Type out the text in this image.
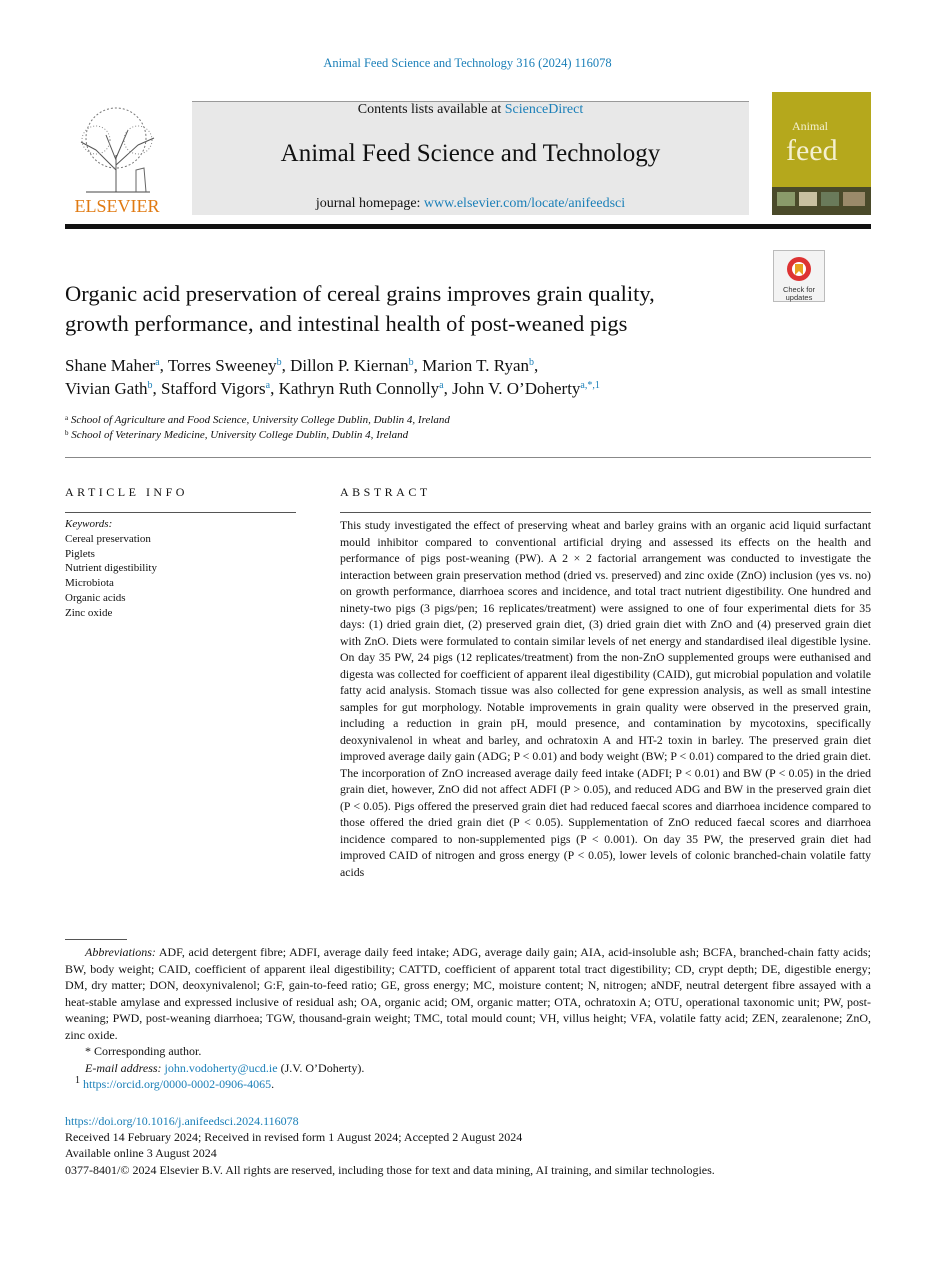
Animal Feed Science and Technology 316 (2024) 116078
ELSEVIER
Contents lists available at ScienceDirect
Animal Feed Science and Technology
journal homepage: www.elsevier.com/locate/anifeedsci
Animal
feed
Check for updates
Organic acid preservation of cereal grains improves grain quality,
growth performance, and intestinal health of post-weaned pigs
Shane Maher$^a$, Torres Sweeney$^b$, Dillon P. Kiernan$^b$, Marion T. Ryan$^b$,
Vivian Gath$^b$, Stafford Vigors$^a$, Kathryn Ruth Connolly$^a$, John V. O’Doherty$^{a,*,1}$
$^a$ School of Agriculture and Food Science, University College Dublin, Dublin 4, Ireland
$^b$ School of Veterinary Medicine, University College Dublin, Dublin 4, Ireland
ARTICLE INFO	ABSTRACT
Keywords:
Cereal preservation
Piglets
Nutrient digestibility
Microbiota
Organic acids
Zinc oxide
This study investigated the effect of preserving wheat and barley grains with an organic acid liquid surfactant mould inhibitor compared to conventional artificial drying and assessed its effects on the health and performance of pigs post-weaning (PW). A 2 × 2 factorial arrangement was conducted to investigate the interaction between grain preservation method (dried vs. preserved) and zinc oxide (ZnO) inclusion (yes vs. no) on growth performance, diarrhoea scores and incidence, and total tract nutrient digestibility. One hundred and ninety-two pigs (3 pigs/pen; 16 replicates/treatment) were assigned to one of four experimental diets for 35 days: (1) dried grain diet, (2) preserved grain diet, (3) dried grain diet with ZnO and (4) preserved grain diet with ZnO. Diets were formulated to contain similar levels of net energy and standardised ileal digestible lysine. On day 35 PW, 24 pigs (12 replicates/treatment) from the non-ZnO supplemented groups were euthanised and digesta was collected for coefficient of apparent ileal digestibility (CAID), gut microbial population and volatile fatty acid analysis. Stomach tissue was also collected for gene expression analysis, as well as small intestine samples for gut morphology. Notable improvements in grain quality were observed in the preserved grain, including a reduction in grain pH, mould presence, and contamination by mycotoxins, specifically deoxynivalenol in wheat and barley, and ochratoxin A and HT-2 toxin in barley. The preserved grain diet improved average daily gain (ADG; P < 0.01) and body weight (BW; P < 0.01) compared to the dried grain diet. The incorporation of ZnO increased average daily feed intake (ADFI; P < 0.01) and BW (P < 0.05) in the dried grain diet, however, ZnO did not affect ADFI (P > 0.05), and reduced ADG and BW in the preserved grain diet (P < 0.05). Pigs offered the preserved grain diet had reduced faecal scores and diarrhoea incidence compared to those offered the dried grain diet (P < 0.05). Supplementation of ZnO reduced faecal scores and diarrhoea incidence compared to non-supplemented pigs (P < 0.001). On day 35 PW, the preserved grain diet had improved CAID of nitrogen and gross energy (P < 0.05), lower levels of colonic branched-chain volatile fatty acids
Abbreviations: ADF, acid detergent fibre; ADFI, average daily feed intake; ADG, average daily gain; AIA, acid-insoluble ash; BCFA, branched-chain fatty acids; BW, body weight; CAID, coefficient of apparent ileal digestibility; CATTD, coefficient of apparent total tract digestibility; CD, crypt depth; DE, digestible energy; DM, dry matter; DON, deoxynivalenol; G:F, gain-to-feed ratio; GE, gross energy; MC, moisture content; N, nitrogen; aNDF, neutral detergent fibre assayed with a heat-stable amylase and expressed inclusive of residual ash; OA, organic acid; OM, organic matter; OTA, ochratoxin A; OTU, operational taxonomic unit; PW, post-weaning; PWD, post-weaning diarrhoea; TGW, thousand-grain weight; TMC, total mould count; VH, villus height; VFA, volatile fatty acid; ZEN, zearalenone; ZnO, zinc oxide.
* Corresponding author.
E-mail address: john.vodoherty@ucd.ie (J.V. O’Doherty).
$^1$ https://orcid.org/0000-0002-0906-4065.
https://doi.org/10.1016/j.anifeedsci.2024.116078
Received 14 February 2024; Received in revised form 1 August 2024; Accepted 2 August 2024
Available online 3 August 2024
0377-8401/© 2024 Elsevier B.V. All rights are reserved, including those for text and data mining, AI training, and similar technologies.
